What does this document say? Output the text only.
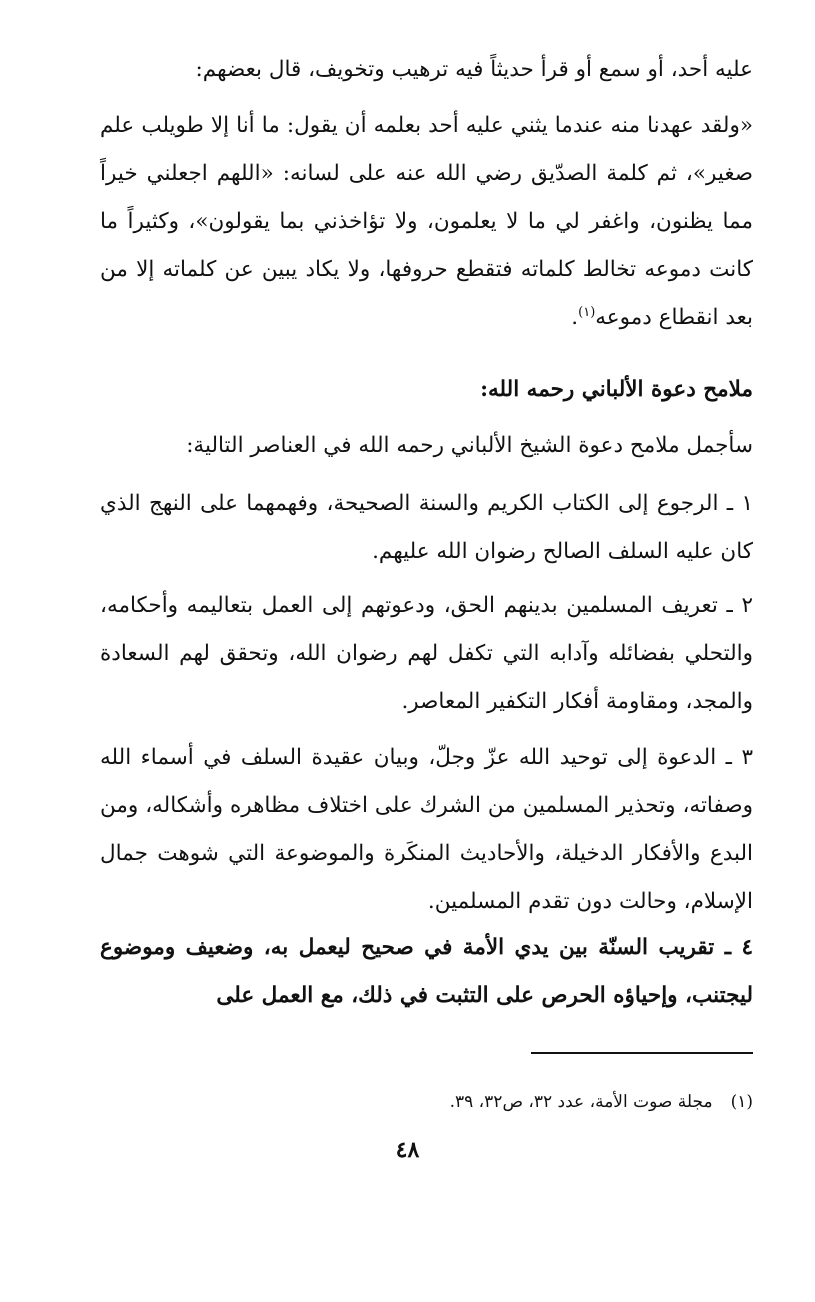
عليه أحد، أو سمع أو قرأ حديثاً فيه ترهيب وتخويف، قال بعضهم:

«ولقد عهدنا منه عندما يثني عليه أحد بعلمه أن يقول: ما أنا إلا طويلب علم صغير»، ثم كلمة الصدّيق رضي الله عنه على لسانه: «اللهم اجعلني خيراً مما يظنون، واغفر لي ما لا يعلمون، ولا تؤاخذني بما يقولون»، وكثيراً ما كانت دموعه تخالط كلماته فتقطع حروفها، ولا يكاد يبين عن كلماته إلا من بعد انقطاع دموعه$^{(١)}$.

ملامح دعوة الألباني رحمه الله:

سأجمل ملامح دعوة الشيخ الألباني رحمه الله في العناصر التالية:

١ ـ الرجوع إلى الكتاب الكريم والسنة الصحيحة، وفهمهما على النهج الذي كان عليه السلف الصالح رضوان الله عليهم.

٢ ـ تعريف المسلمين بدينهم الحق، ودعوتهم إلى العمل بتعاليمه وأحكامه، والتحلي بفضائله وآدابه التي تكفل لهم رضوان الله، وتحقق لهم السعادة والمجد، ومقاومة أفكار التكفير المعاصر.

٣ ـ الدعوة إلى توحيد الله عزّ وجلّ، وبيان عقيدة السلف في أسماء الله وصفاته، وتحذير المسلمين من الشرك على اختلاف مظاهره وأشكاله، ومن البدع والأفكار الدخيلة، والأحاديث المنكَرة والموضوعة التي شوهت جمال الإسلام، وحالت دون تقدم المسلمين.

٤ ـ تقريب السنّة بين يدي الأمة في صحيح ليعمل به، وضعيف وموضوع ليجتنب، وإحياؤه الحرص على التثبت في ذلك، مع العمل على

(١)مجلة صوت الأمة، عدد ٣٢، ص٣٢، ٣٩.

٤٨
